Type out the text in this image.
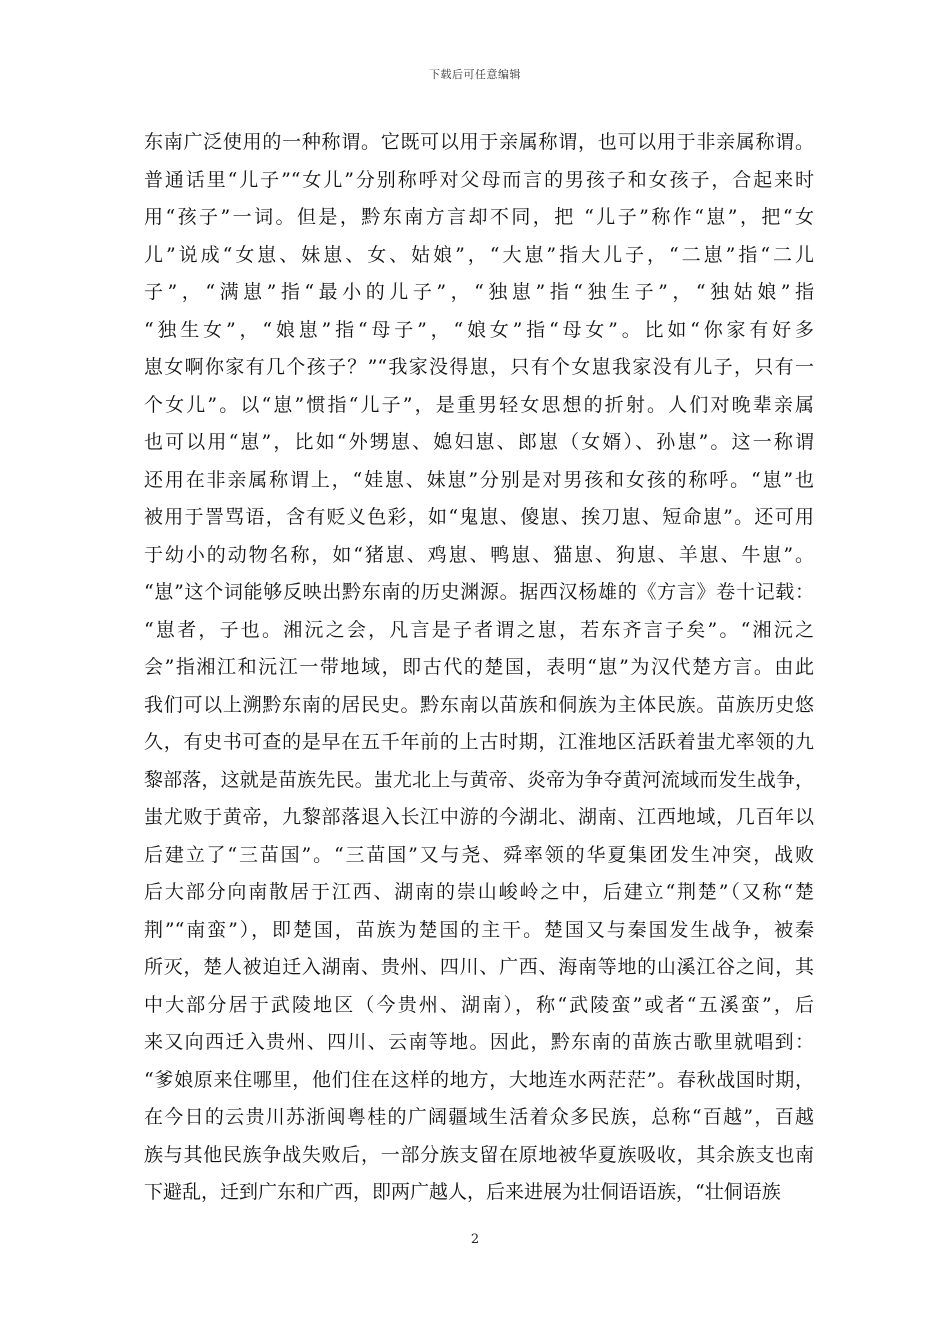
下载后可任意编辑
东南广泛使用的一种称谓。它既可以用于亲属称谓，也可以用于非亲属称谓。
普通话里“儿子”“女儿”分别称呼对父母而言的男孩子和女孩子，合起来时
用“孩子”一词。但是，黔东南方言却不同，把 “儿子”称作“崽”，把“女
儿”说成“女崽、妹崽、女、姑娘”，“大崽”指大儿子，“二崽”指“二儿
子”，“满崽”指“最小的儿子”，“独崽”指“独生子”，“独姑娘”指
“独生女”，“娘崽”指“母子”，“娘女”指“母女”。比如“你家有好多
崽女啊你家有几个孩子？”“我家没得崽，只有个女崽我家没有儿子，只有一
个女儿”。以“崽”惯指“儿子”，是重男轻女思想的折射。人们对晚辈亲属
也可以用“崽”，比如“外甥崽、媳妇崽、郎崽（女婿）、孙崽”。这一称谓
还用在非亲属称谓上，“娃崽、妹崽”分别是对男孩和女孩的称呼。“崽”也
被用于詈骂语，含有贬义色彩，如“鬼崽、傻崽、挨刀崽、短命崽”。还可用
于幼小的动物名称，如“猪崽、鸡崽、鸭崽、猫崽、狗崽、羊崽、牛崽”。
“崽”这个词能够反映出黔东南的历史渊源。据西汉杨雄的《方言》卷十记载：
“崽者，子也。湘沅之会，凡言是子者谓之崽，若东齐言子矣”。“湘沅之
会”指湘江和沅江一带地域，即古代的楚国，表明“崽”为汉代楚方言。由此
我们可以上溯黔东南的居民史。黔东南以苗族和侗族为主体民族。苗族历史悠
久，有史书可查的是早在五千年前的上古时期，江淮地区活跃着蚩尤率领的九
黎部落，这就是苗族先民。蚩尤北上与黄帝、炎帝为争夺黄河流域而发生战争，
蚩尤败于黄帝，九黎部落退入长江中游的今湖北、湖南、江西地域，几百年以
后建立了“三苗国”。“三苗国”又与尧、舜率领的华夏集团发生冲突，战败
后大部分向南散居于江西、湖南的崇山峻岭之中，后建立“荆楚”（又称“楚
荆”“南蛮”），即楚国，苗族为楚国的主干。楚国又与秦国发生战争，被秦
所灭，楚人被迫迁入湖南、贵州、四川、广西、海南等地的山溪江谷之间，其
中大部分居于武陵地区（今贵州、湖南），称“武陵蛮”或者“五溪蛮”，后
来又向西迁入贵州、四川、云南等地。因此，黔东南的苗族古歌里就唱到：
“爹娘原来住哪里，他们住在这样的地方，大地连水两茫茫”。春秋战国时期，
在今日的云贵川苏浙闽粤桂的广阔疆域生活着众多民族，总称“百越”，百越
族与其他民族争战失败后，一部分族支留在原地被华夏族吸收，其余族支也南
下避乱，迁到广东和广西，即两广越人，后来进展为壮侗语语族，“壮侗语族
2
